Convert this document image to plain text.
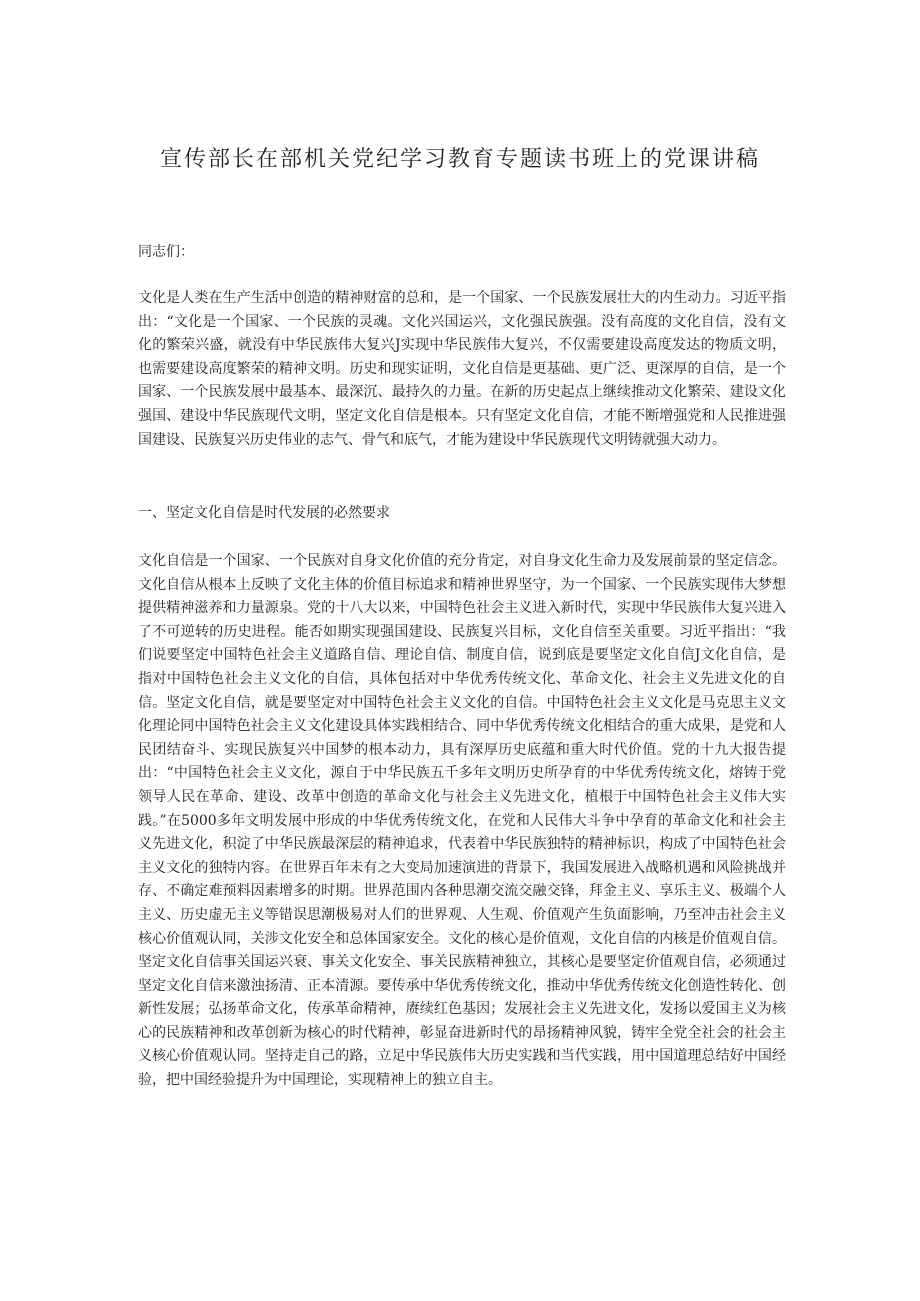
宣传部长在部机关党纪学习教育专题读书班上的党课讲稿

同志们：

文化是人类在生产生活中创造的精神财富的总和，是一个国家、一个民族发展壮大的内生动力。习近平指出：“文化是一个国家、一个民族的灵魂。文化兴国运兴，文化强民族强。没有高度的文化自信，没有文化的繁荣兴盛，就没有中华民族伟大复兴J实现中华民族伟大复兴，不仅需要建设高度发达的物质文明，也需要建设高度繁荣的精神文明。历史和现实证明，文化自信是更基础、更广泛、更深厚的自信，是一个国家、一个民族发展中最基本、最深沉、最持久的力量。在新的历史起点上继续推动文化繁荣、建设文化强国、建设中华民族现代文明，坚定文化自信是根本。只有坚定文化自信，才能不断增强党和人民推进强国建设、民族复兴历史伟业的志气、骨气和底气，才能为建设中华民族现代文明铸就强大动力。

一、坚定文化自信是时代发展的必然要求

文化自信是一个国家、一个民族对自身文化价值的充分肯定，对自身文化生命力及发展前景的坚定信念。文化自信从根本上反映了文化主体的价值目标追求和精神世界坚守，为一个国家、一个民族实现伟大梦想提供精神滋养和力量源泉。党的十八大以来，中国特色社会主义进入新时代，实现中华民族伟大复兴进入了不可逆转的历史进程。能否如期实现强国建设、民族复兴目标，文化自信至关重要。习近平指出：“我们说要坚定中国特色社会主义道路自信、理论自信、制度自信，说到底是要坚定文化自信J文化自信，是指对中国特色社会主义文化的自信，具体包括对中华优秀传统文化、革命文化、社会主义先进文化的自信。坚定文化自信，就是要坚定对中国特色社会主义文化的自信。中国特色社会主义文化是马克思主义文化理论同中国特色社会主义文化建设具体实践相结合、同中华优秀传统文化相结合的重大成果，是党和人民团结奋斗、实现民族复兴中国梦的根本动力，具有深厚历史底蕴和重大时代价值。党的十九大报告提出：“中国特色社会主义文化，源自于中华民族五千多年文明历史所孕育的中华优秀传统文化，熔铸于党领导人民在革命、建设、改革中创造的革命文化与社会主义先进文化，植根于中国特色社会主义伟大实践。”在5000多年文明发展中形成的中华优秀传统文化，在党和人民伟大斗争中孕育的革命文化和社会主义先进文化，积淀了中华民族最深层的精神追求，代表着中华民族独特的精神标识，构成了中国特色社会主义文化的独特内容。在世界百年未有之大变局加速演进的背景下，我国发展进入战略机遇和风险挑战并存、不确定难预料因素增多的时期。世界范围内各种思潮交流交融交锋，拜金主义、享乐主义、极端个人主义、历史虚无主义等错误思潮极易对人们的世界观、人生观、价值观产生负面影响，乃至冲击社会主义核心价值观认同，关涉文化安全和总体国家安全。文化的核心是价值观，文化自信的内核是价值观自信。坚定文化自信事关国运兴衰、事关文化安全、事关民族精神独立，其核心是要坚定价值观自信，必须通过坚定文化自信来激浊扬清、正本清源。要传承中华优秀传统文化，推动中华优秀传统文化创造性转化、创新性发展；弘扬革命文化，传承革命精神，赓续红色基因；发展社会主义先进文化，发扬以爱国主义为核心的民族精神和改革创新为核心的时代精神，彰显奋进新时代的昂扬精神风貌，铸牢全党全社会的社会主义核心价值观认同。坚持走自己的路，立足中华民族伟大历史实践和当代实践，用中国道理总结好中国经验，把中国经验提升为中国理论，实现精神上的独立自主。
